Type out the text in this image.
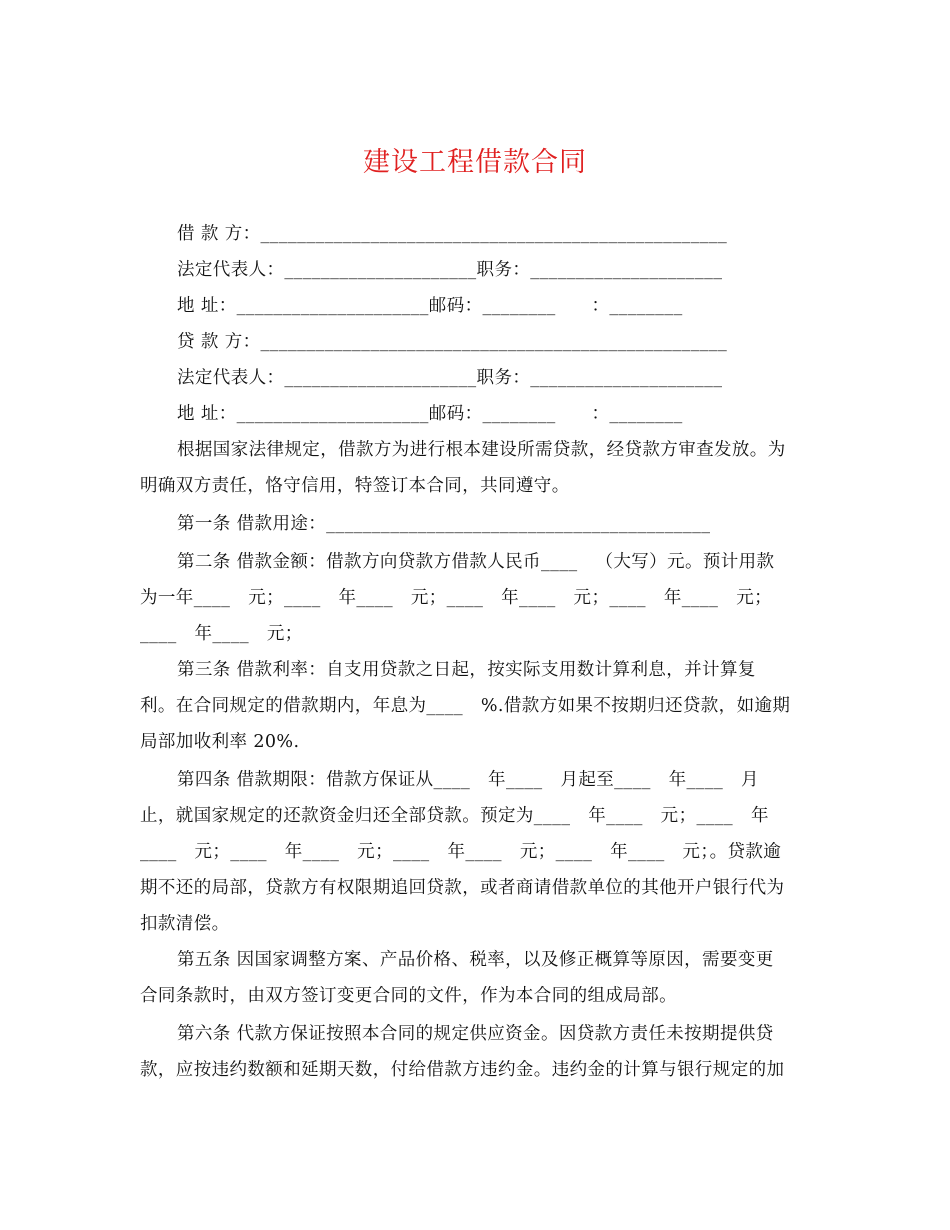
建设工程借款合同
借 款 方：___________________________________________________
法定代表人：_____________________职务：_____________________
地 址：_____________________邮码：________      ：________
贷 款 方：___________________________________________________
法定代表人：_____________________职务：_____________________
地 址：_____________________邮码：________      ：________
根据国家法律规定，借款方为进行根本建设所需贷款，经贷款方审查发放。为
明确双方责任，恪守信用，特签订本合同，共同遵守。
第一条 借款用途：__________________________________________
第二条 借款金额：借款方向贷款方借款人民币____   （大写）元。预计用款
为一年____   元；____   年____   元；____   年____   元；____   年____   元；
____   年____   元；
第三条 借款利率：自支用贷款之日起，按实际支用数计算利息，并计算复
利。在合同规定的借款期内，年息为____   %.借款方如果不按期归还贷款，如逾期
局部加收利率 20%.
第四条 借款期限：借款方保证从____   年____   月起至____   年____   月
止，就国家规定的还款资金归还全部贷款。预定为____   年____   元；____   年
____   元；____   年____   元；____   年____   元；____   年____   元；。贷款逾
期不还的局部，贷款方有权限期追回贷款，或者商请借款单位的其他开户银行代为
扣款清偿。
第五条 因国家调整方案、产品价格、税率，以及修正概算等原因，需要变更
合同条款时，由双方签订变更合同的文件，作为本合同的组成局部。
第六条 代款方保证按照本合同的规定供应资金。因贷款方责任未按期提供贷
款，应按违约数额和延期天数，付给借款方违约金。违约金的计算与银行规定的加
